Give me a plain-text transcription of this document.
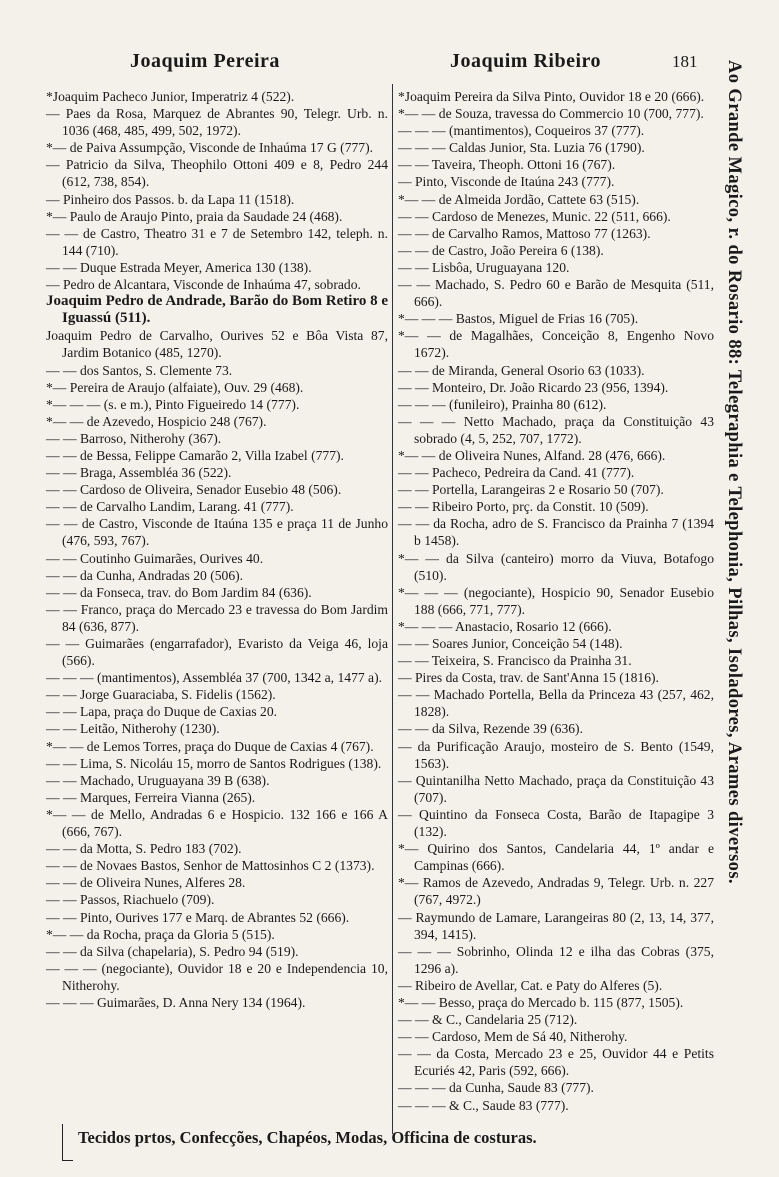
Joaquim Pereira	Joaquim Ribeiro	181

*Joaquim Pacheco Junior, Imperatriz 4 (522).

— Paes da Rosa, Marquez de Abrantes 90, Telegr. Urb. n. 1036 (468, 485, 499, 502, 1972).

*— de Paiva Assumpção, Visconde de Inhaúma 17 G (777).

— Patricio da Silva, Theophilo Ottoni 409 e 8, Pedro 244 (612, 738, 854).

— Pinheiro dos Passos. b. da Lapa 11 (1518).

*— Paulo de Araujo Pinto, praia da Saudade 24 (468).

— — de Castro, Theatro 31 e 7 de Setembro 142, teleph. n. 144 (710).

— — Duque Estrada Meyer, America 130 (138).

— Pedro de Alcantara, Visconde de Inhaúma 47, sobrado.

Joaquim Pedro de Andrade, Barão do Bom Retiro 8 e Iguassú (511).

Joaquim Pedro de Carvalho, Ourives 52 e Bôa Vista 87, Jardim Botanico (485, 1270).

— — dos Santos, S. Clemente 73.

*— Pereira de Araujo (alfaiate), Ouv. 29 (468).

*— — — (s. e m.), Pinto Figueiredo 14 (777).

*— — de Azevedo, Hospicio 248 (767).

— — Barroso, Nitherohy (367).

— — de Bessa, Felippe Camarão 2, Villa Izabel (777).

— — Braga, Assembléa 36 (522).

— — Cardoso de Oliveira, Senador Eusebio 48 (506).

— — de Carvalho Landim, Larang. 41 (777).

— — de Castro, Visconde de Itaúna 135 e praça 11 de Junho (476, 593, 767).

— — Coutinho Guimarães, Ourives 40.

— — da Cunha, Andradas 20 (506).

— — da Fonseca, trav. do Bom Jardim 84 (636).

— — Franco, praça do Mercado 23 e travessa do Bom Jardim 84 (636, 877).

— — Guimarães (engarrafador), Evaristo da Veiga 46, loja (566).

— — — (mantimentos), Assembléa 37 (700, 1342 a, 1477 a).

— — Jorge Guaraciaba, S. Fidelis (1562).

— — Lapa, praça do Duque de Caxias 20.

— — Leitão, Nitherohy (1230).

*— — de Lemos Torres, praça do Duque de Caxias 4 (767).

— — Lima, S. Nicoláu 15, morro de Santos Rodrigues (138).

— — Machado, Uruguayana 39 B (638).

— — Marques, Ferreira Vianna (265).

*— — de Mello, Andradas 6 e Hospicio. 132 166 e 166 A (666, 767).

— — da Motta, S. Pedro 183 (702).

— — de Novaes Bastos, Senhor de Mattosinhos C 2 (1373).

— — de Oliveira Nunes, Alferes 28.

— — Passos, Riachuelo (709).

— — Pinto, Ourives 177 e Marq. de Abrantes 52 (666).

*— — da Rocha, praça da Gloria 5 (515).

— — da Silva (chapelaria), S. Pedro 94 (519).

— — — (negociante), Ouvidor 18 e 20 e Independencia 10, Nitherohy.

— — — Guimarães, D. Anna Nery 134 (1964).

*Joaquim Pereira da Silva Pinto, Ouvidor 18 e 20 (666).

*— — de Souza, travessa do Commercio 10 (700, 777).

— — — (mantimentos), Coqueiros 37 (777).

— — — Caldas Junior, Sta. Luzia 76 (1790).

— — Taveira, Theoph. Ottoni 16 (767).

— Pinto, Visconde de Itaúna 243 (777).

*— — de Almeida Jordão, Cattete 63 (515).

— — Cardoso de Menezes, Munic. 22 (511, 666).

— — de Carvalho Ramos, Mattoso 77 (1263).

— — de Castro, João Pereira 6 (138).

— — Lisbôa, Uruguayana 120.

— — Machado, S. Pedro 60 e Barão de Mesquita (511, 666).

*— — — Bastos, Miguel de Frias 16 (705).

*— — de Magalhães, Conceição 8, Engenho Novo 1672).

— — de Miranda, General Osorio 63 (1033).

— — Monteiro, Dr. João Ricardo 23 (956, 1394).

— — — (funileiro), Prainha 80 (612).

— — — Netto Machado, praça da Constituição 43 sobrado (4, 5, 252, 707, 1772).

*— — de Oliveira Nunes, Alfand. 28 (476, 666).

— — Pacheco, Pedreira da Cand. 41 (777).

— — Portella, Larangeiras 2 e Rosario 50 (707).

— — Ribeiro Porto, prç. da Constit. 10 (509).

— — da Rocha, adro de S. Francisco da Prainha 7 (1394 b 1458).

*— — da Silva (canteiro) morro da Viuva, Botafogo (510).

*— — — (negociante), Hospicio 90, Senador Eusebio 188 (666, 771, 777).

*— — — Anastacio, Rosario 12 (666).

— — Soares Junior, Conceição 54 (148).

— — Teixeira, S. Francisco da Prainha 31.

— Pires da Costa, trav. de Sant'Anna 15 (1816).

— — Machado Portella, Bella da Princeza 43 (257, 462, 1828).

— — da Silva, Rezende 39 (636).

— da Purificação Araujo, mosteiro de S. Bento (1549, 1563).

— Quintanilha Netto Machado, praça da Constituição 43 (707).

— Quintino da Fonseca Costa, Barão de Itapagipe 3 (132).

*— Quirino dos Santos, Candelaria 44, 1º andar e Campinas (666).

*— Ramos de Azevedo, Andradas 9, Telegr. Urb. n. 227 (767, 4972.)

— Raymundo de Lamare, Larangeiras 80 (2, 13, 14, 377, 394, 1415).

— — — Sobrinho, Olinda 12 e ilha das Cobras (375, 1296 a).

— Ribeiro de Avellar, Cat. e Paty do Alferes (5).

*— — Besso, praça do Mercado b. 115 (877, 1505).

— — & C., Candelaria 25 (712).

— — Cardoso, Mem de Sá 40, Nitherohy.

— — da Costa, Mercado 23 e 25, Ouvidor 44 e Petits Ecuriés 42, Paris (592, 666).

— — — da Cunha, Saude 83 (777).

— — — & C., Saude 83 (777).

Ao Grande Magico, r. do Rosario 88: Telegraphia e Telephonia, Pilhas, Isoladores, Arames diversos.
Tecidos prtos, Confecções, Chapéos, Modas, Officina de costuras.
